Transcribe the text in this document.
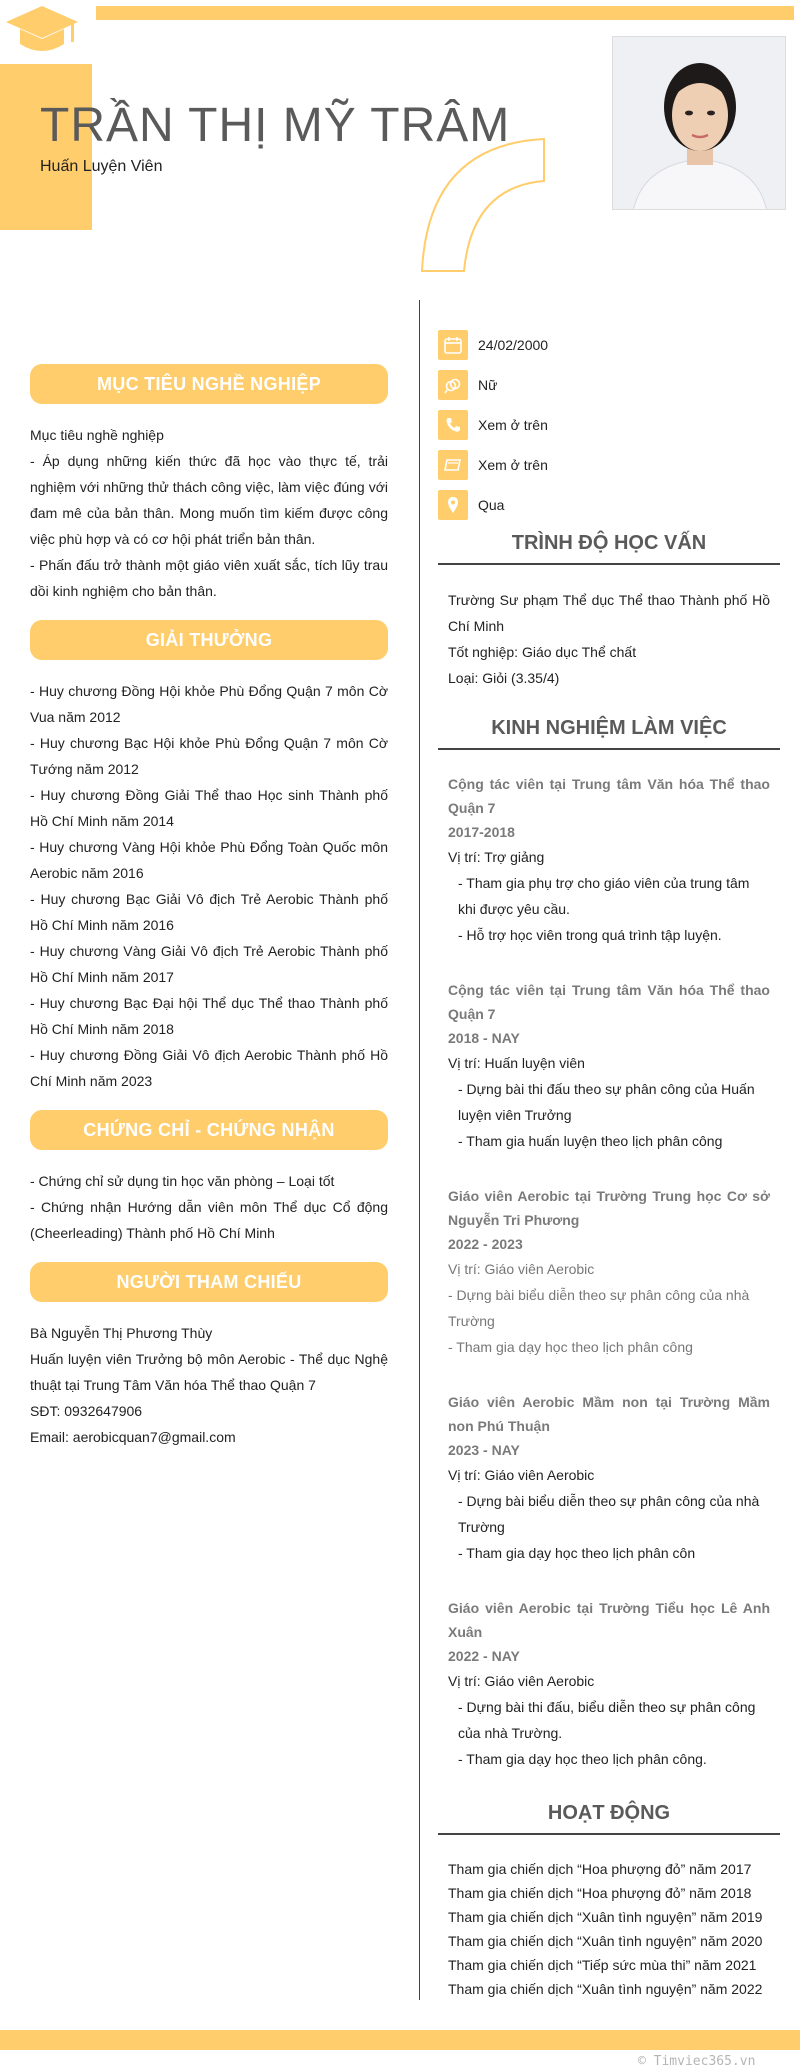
TRẦN THỊ MỸ TRÂM
Huấn Luyện Viên
MỤC TIÊU NGHỀ NGHIỆP
Mục tiêu nghề nghiệp
- Áp dụng những kiến thức đã học vào thực tế, trải nghiệm với những thử thách công việc, làm việc đúng với đam mê của bản thân. Mong muốn tìm kiếm được công việc phù hợp và có cơ hội phát triển bản thân.
- Phấn đấu trở thành một giáo viên xuất sắc, tích lũy trau dồi kinh nghiệm cho bản thân.
GIẢI THƯỞNG
- Huy chương Đồng Hội khỏe Phù Đổng Quận 7 môn Cờ Vua năm 2012
- Huy chương Bạc Hội khỏe Phù Đổng Quận 7 môn Cờ Tướng năm 2012
- Huy chương Đồng Giải Thể thao Học sinh Thành phố Hồ Chí Minh năm 2014
- Huy chương Vàng Hội khỏe Phù Đổng Toàn Quốc môn Aerobic năm 2016
- Huy chương Bạc Giải Vô địch Trẻ Aerobic Thành phố Hồ Chí Minh năm 2016
- Huy chương Vàng Giải Vô địch Trẻ Aerobic Thành phố Hồ Chí Minh năm 2017
- Huy chương Bạc Đại hội Thể dục Thể thao Thành phố Hồ Chí Minh năm 2018
- Huy chương Đồng Giải Vô địch Aerobic Thành phố Hồ Chí Minh năm 2023
CHỨNG CHỈ - CHỨNG NHẬN
- Chứng chỉ sử dụng tin học văn phòng – Loại tốt
- Chứng nhận Hướng dẫn viên môn Thể dục Cổ động (Cheerleading) Thành phố Hồ Chí Minh
NGƯỜI THAM CHIẾU
Bà Nguyễn Thị Phương Thùy
Huấn luyện viên Trưởng bộ môn Aerobic - Thể dục Nghệ thuật tại Trung Tâm Văn hóa Thể thao Quận 7
SĐT: 0932647906
Email: aerobicquan7@gmail.com
24/02/2000
Nữ
Xem ở trên
Xem ở trên
Qua
TRÌNH ĐỘ HỌC VẤN
Trường Sư phạm Thể dục Thể thao Thành phố Hồ Chí Minh
Tốt nghiệp: Giáo dục Thể chất
Loại: Giỏi (3.35/4)
KINH NGHIỆM LÀM VIỆC
Cộng tác viên tại Trung tâm Văn hóa Thể thao Quận 7
2017-2018
Vị trí: Trợ giảng
- Tham gia phụ trợ cho giáo viên của trung tâm khi được yêu cầu.
- Hỗ trợ học viên trong quá trình tập luyện.
Cộng tác viên tại Trung tâm Văn hóa Thể thao Quận 7
2018 - NAY
Vị trí: Huấn luyện viên
- Dựng bài thi đấu theo sự phân công của Huấn luyện viên Trưởng
- Tham gia huấn luyện theo lịch phân công
Giáo viên Aerobic tại Trường Trung học Cơ sở Nguyễn Tri Phương
2022 - 2023
Vị trí: Giáo viên Aerobic
- Dựng bài biểu diễn theo sự phân công của nhà Trường
- Tham gia dạy học theo lịch phân công
Giáo viên Aerobic Mầm non tại Trường Mầm non Phú Thuận
2023 - NAY
Vị trí: Giáo viên Aerobic
- Dựng bài biểu diễn theo sự phân công của nhà Trường
- Tham gia dạy học theo lịch phân côn
Giáo viên Aerobic tại Trường Tiểu học Lê Anh Xuân
2022 - NAY
Vị trí: Giáo viên Aerobic
- Dựng bài thi đấu, biểu diễn theo sự phân công của nhà Trường.
- Tham gia dạy học theo lịch phân công.
HOẠT ĐỘNG
Tham gia chiến dịch “Hoa phượng đỏ” năm 2017
Tham gia chiến dịch “Hoa phượng đỏ” năm 2018
Tham gia chiến dịch “Xuân tình nguyện” năm 2019
Tham gia chiến dịch “Xuân tình nguyện” năm 2020
Tham gia chiến dịch “Tiếp sức mùa thi” năm 2021
Tham gia chiến dịch “Xuân tình nguyện” năm 2022
© Timviec365.vn
